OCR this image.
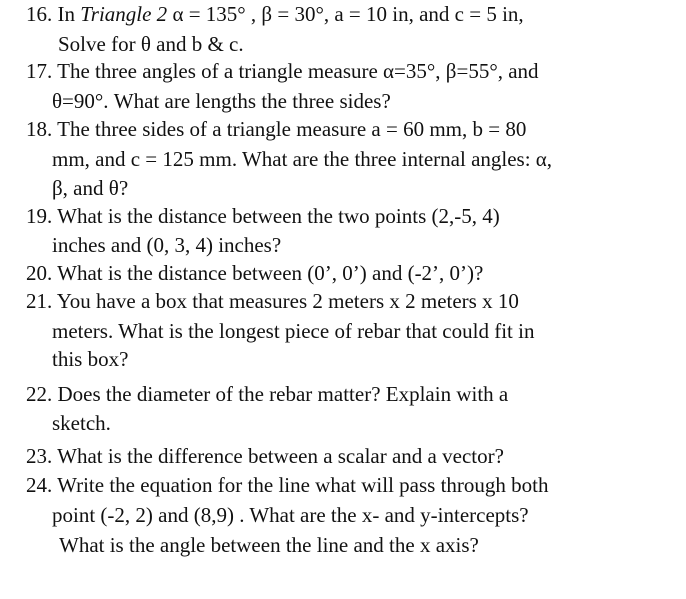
16. In Triangle 2 α = 135° , β = 30°, a = 10 in, and c = 5 in,
Solve for θ and b & c.
17. The three angles of a triangle measure α=35°, β=55°, and
θ=90°. What are lengths the three sides?
18. The three sides of a triangle measure a = 60 mm, b = 80
mm, and c = 125 mm. What are the three internal angles: α,
β, and θ?
19. What is the distance between the two points (2,-5, 4)
inches and (0, 3, 4) inches?
20. What is the distance between (0’, 0’) and (-2’, 0’)?
21. You have a box that measures 2 meters x 2 meters x 10
meters. What is the longest piece of rebar that could fit in
this box?
22. Does the diameter of the rebar matter? Explain with a
sketch.
23. What is the difference between a scalar and a vector?
24. Write the equation for the line what will pass through both
point (-2, 2) and (8,9) . What are the x- and y-intercepts?
What is the angle between the line and the x axis?
